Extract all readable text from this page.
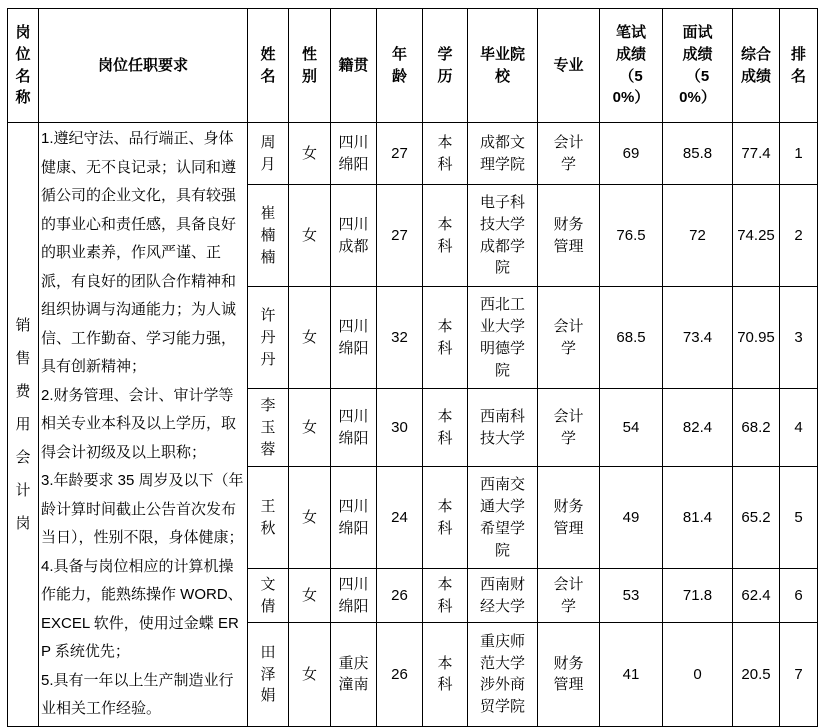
岗位名称	岗位任职要求	姓名	性别	籍贯	年龄	学历	毕业院校	专业	笔试成绩（50%）	面试成绩（50%）	综合成绩	排名

销售费用会计岗	1.遵纪守法、品行端正、身体健康、无不良记录；认同和遵循公司的企业文化，具有较强的事业心和责任感，具备良好的职业素养，作风严谨、正派，有良好的团队合作精神和组织协调与沟通能力；为人诚信、工作勤奋、学习能力强，具有创新精神；

2.财务管理、会计、审计学等相关专业本科及以上学历，取得会计初级及以上职称；

3.年龄要求 35 周岁及以下（年龄计算时间截止公告首次发布当日），性别不限，身体健康；

4.具备与岗位相应的计算机操作能力，能熟练操作 WORD、EXCEL 软件，使用过金蝶 ERP 系统优先；

5.具有一年以上生产制造业行业相关工作经验。	周月	女	四川绵阳	27	本科	成都文理学院	会计学	69	85.8	77.4	1

		崔楠楠	女	四川成都	27	本科	电子科技大学成都学院	财务管理	76.5	72	74.25	2

		许丹丹	女	四川绵阳	32	本科	西北工业大学明德学院	会计学	68.5	73.4	70.95	3

		李玉蓉	女	四川绵阳	30	本科	西南科技大学	会计学	54	82.4	68.2	4

		王秋	女	四川绵阳	24	本科	西南交通大学希望学院	财务管理	49	81.4	65.2	5

		文倩	女	四川绵阳	26	本科	西南财经大学	会计学	53	71.8	62.4	6

		田泽娟	女	重庆潼南	26	本科	重庆师范大学涉外商贸学院	财务管理	41	0	20.5	7
